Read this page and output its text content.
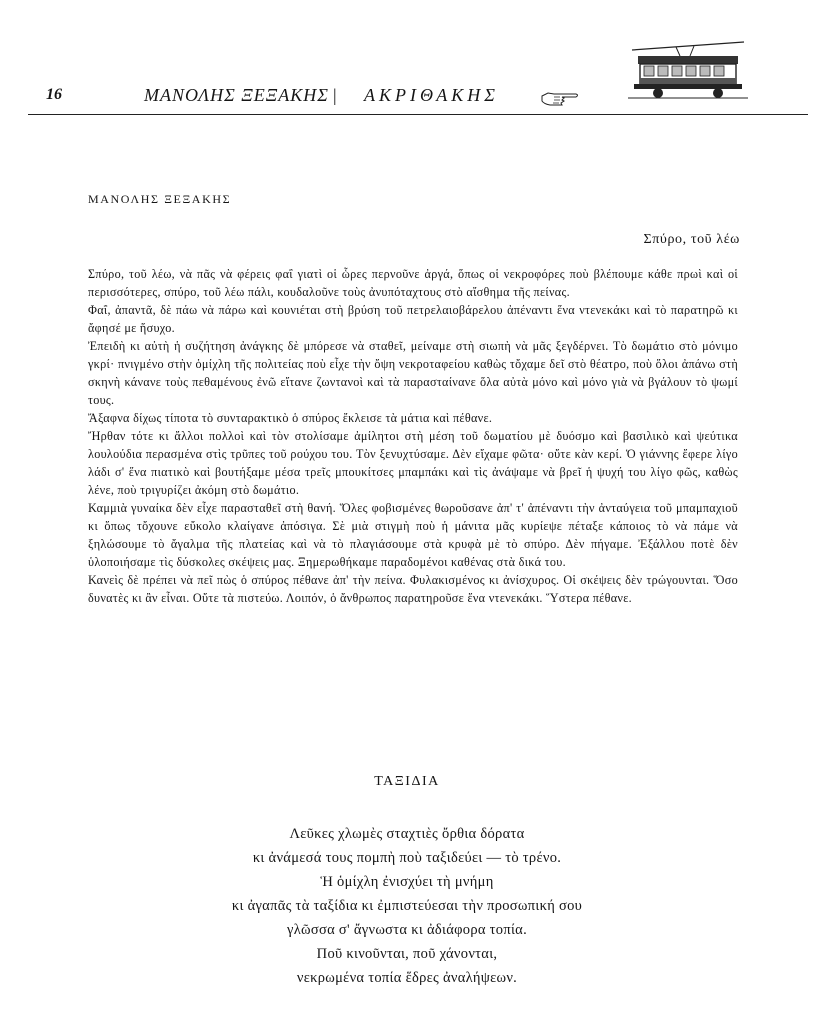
16	ΜΑΝΟΛΗΣ ΞΕΞΑΚΗΣ | ΑΚΡΙΘΑΚΗΣ
ΜΑΝΟΛΗΣ ΞΕΞΑΚΗΣ
Σπύρο, τοῦ λέω

Σπύρο, τοῦ λέω, νὰ πᾶς νὰ φέρεις φαΐ γιατὶ οἱ ὧρες περνοῦνε ἀργά, ὅπως οἱ νεκροφόρες ποὺ βλέπουμε κάθε πρωὶ καὶ οἱ περισσότερες, σπύρο, τοῦ λέω πάλι, κουδαλοῦνε τοὺς ἀνυπόταχτους στὸ αἴσθημα τῆς πείνας.

Φαΐ, ἀπαντᾶ, δὲ πάω νὰ πάρω καὶ κουνιέται στὴ βρύση τοῦ πετρελαιοβάρελου ἀπέναντι ἕνα ντενεκάκι καὶ τὸ παρατηρῶ κι ἄφησέ με ἥσυχο.

Ἐπειδὴ κι αὐτὴ ἡ συζήτηση ἀνάγκης δὲ μπόρεσε νὰ σταθεῖ, μείναμε στὴ σιωπὴ νὰ μᾶς ξεγδέρνει. Τὸ δωμάτιο στὸ μόνιμο γκρί· πνιγμένο στὴν ὁμίχλη τῆς πολιτείας ποὺ εἶχε τὴν ὄψη νεκροταφείου καθὼς τὄχαμε δεῖ στὸ θέατρο, ποὺ ὅλοι ἀπάνω στὴ σκηνὴ κάνανε τοὺς πεθαμένους ἐνῶ εἴτανε ζωντανοὶ καὶ τὰ παρασταίνανε ὅλα αὐτὰ μόνο καὶ μόνο γιὰ νὰ βγάλουν τὸ ψωμί τους.

Ἄξαφνα δίχως τίποτα τὸ συνταρακτικὸ ὁ σπύρος ἔκλεισε τὰ μάτια καὶ πέθανε.

Ἤρθαν τότε κι ἄλλοι πολλοὶ καὶ τὸν στολίσαμε ἀμίλητοι στὴ μέση τοῦ δωματίου μὲ δυόσμο καὶ βασιλικὸ καὶ ψεύτικα λουλούδια περασμένα στὶς τρῦπες τοῦ ρούχου του. Τὸν ξενυχτύσαμε. Δὲν εἴχαμε φῶτα· οὔτε κὰν κερί. Ὁ γιάννης ἔφερε λίγο λάδι σ' ἕνα πιατικὸ καὶ βουτήξαμε μέσα τρεῖς μπουκίτσες μπαμπάκι καὶ τὶς ἀνάψαμε νὰ βρεῖ ἡ ψυχή του λίγο φῶς, καθὼς λένε, ποὺ τριγυρίζει ἀκόμη στὸ δωμάτιο.

Καμμιὰ γυναίκα δὲν εἶχε παρασταθεῖ στὴ θανή. Ὅλες φοβισμένες θωροῦσανε ἀπ' τ' ἀπέναντι τὴν ἀνταύγεια τοῦ μπαμπαχιοῦ κι ὅπως τὄχουνε εὔκολο κλαίγανε ἀπόσιγα. Σὲ μιὰ στιγμὴ ποὺ ἡ μάνιτα μᾶς κυρίεψε πέταξε κάποιος τὸ νὰ πάμε νὰ ξηλώσουμε τὸ ἄγαλμα τῆς πλατείας καὶ νὰ τὸ πλαγιάσουμε στὰ κρυφὰ μὲ τὸ σπύρο. Δὲν πήγαμε. Ἐξάλλου ποτὲ δὲν ὑλοποιήσαμε τὶς δύσκολες σκέψεις μας. Ξημερωθήκαμε παραδομένοι καθένας στὰ δικά του.

Κανεὶς δὲ πρέπει νὰ πεῖ πὼς ὁ σπύρος πέθανε ἀπ' τὴν πείνα. Φυλακισμένος κι ἀνίσχυρος. Οἱ σκέψεις δὲν τρώγουνται. Ὅσο δυνατὲς κι ἂν εἶναι. Οὔτε τὰ πιστεύω. Λοιπόν, ὁ ἄνθρωπος παρατηροῦσε ἕνα ντενεκάκι. Ὕστερα πέθανε.

ΤΑΞΙΔΙΑ
Λεῦκες χλωμὲς σταχτιὲς ὄρθια δόρατα
κι ἀνάμεσά τους πομπὴ ποὺ ταξιδεύει — τὸ τρένο.
Ἡ ὁμίχλη ἐνισχύει τὴ μνήμη
κι ἀγαπᾶς τὰ ταξίδια κι ἐμπιστεύεσαι τὴν προσωπική σου
γλῶσσα σ' ἄγνωστα κι ἀδιάφορα τοπία.
Ποῦ κινοῦνται, ποῦ χάνονται,
νεκρωμένα τοπία ἕδρες ἀναλήψεων.
